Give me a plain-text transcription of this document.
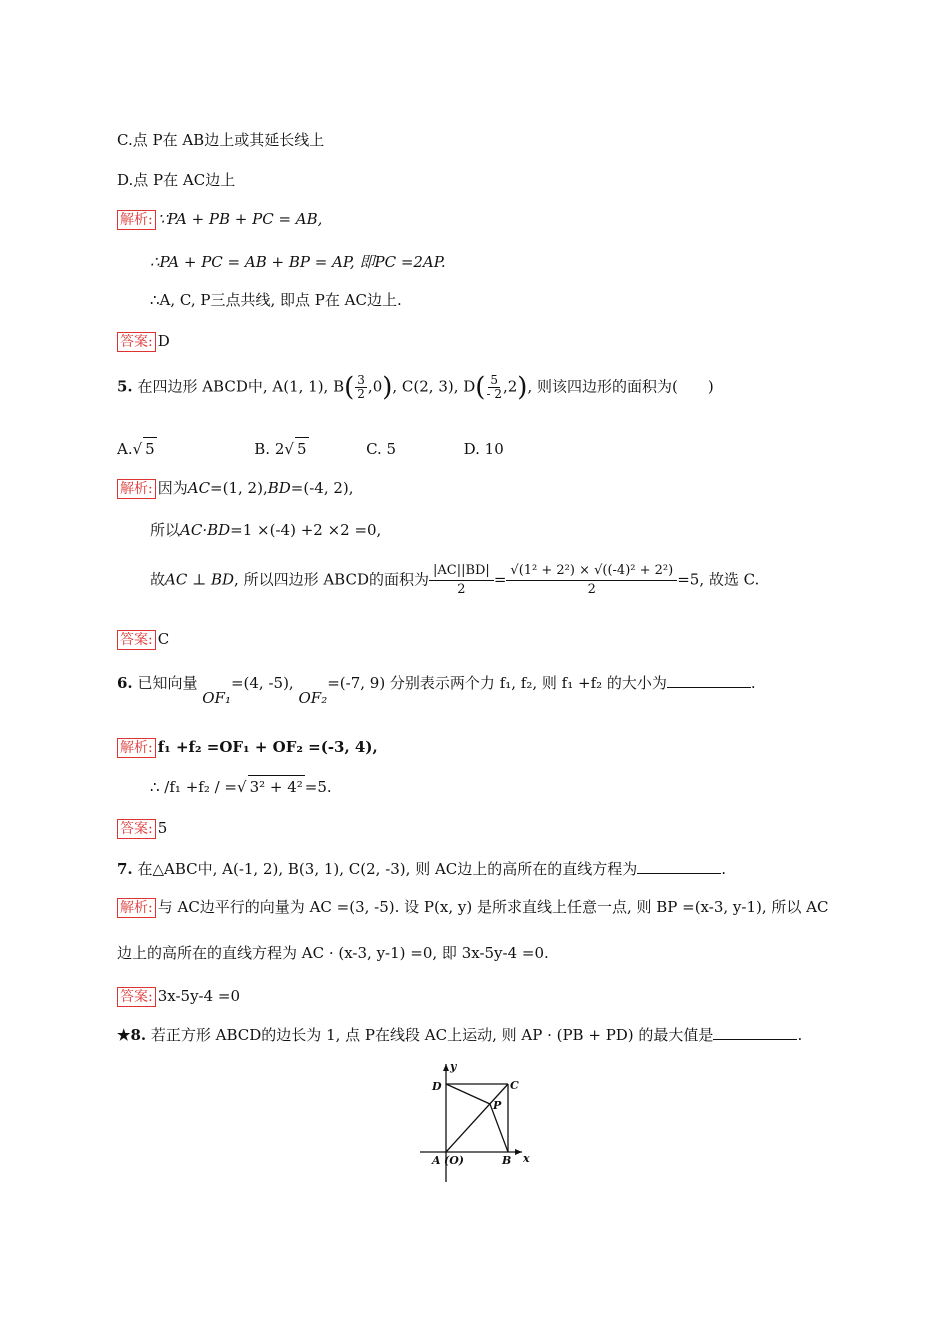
C.点 P在 AB边上或其延长线上
D.点 P在 AC边上
解析: ∵PA + PB + PC = AB,
∴PA + PC = AB + BP = AP, 即PC =2AP.
∴A, C, P三点共线, 即点 P在 AC边上.
答案: D
5. 在四边形 ABCD中, A(1, 1), $B( \frac{3}{2} ,0)$, C(2, 3), $D( \frac{5}{- 2} ,2)$, 则该四边形的面积为(　　)
A.√ 5	B. 2√ 5	C. 5	D. 10
解析: 因为AC=(1, 2),BD=(-4, 2),
所以AC·BD=1 ×(-4) +2 ×2 =0,
故AC ⊥ BD, 所以四边形 ABCD的面积为 $\frac{|AC||BD|}{2} = \frac{\text{√(1² + 2²) × √((-4)² + 2²)}}{2} =5$, 故选 C.
答案: C
6. 已知向量 OF₁=(4, -5), OF₂=(-7, 9) 分别表示两个力 f₁, f₂, 则 f₁ +f₂ 的大小为	.
解析: f₁ +f₂ =OF₁ + OF₂ =(-3, 4),
∴ /f₁ +f₂ / =√ 3² + 4² =5.
答案: 5
7. 在△ABC中, A(-1, 2), B(3, 1), C(2, -3), 则 AC边上的高所在的直线方程为	.
解析: 与 AC边平行的向量为 AC =(3, -5). 设 P(x, y) 是所求直线上任意一点, 则 BP =(x-3, y-1), 所以 AC
边上的高所在的直线方程为 AC · (x-3, y-1) =0, 即 3x-5y-4 =0.
答案: 3x-5y-4 =0
★8. 若正方形 ABCD的边长为 1, 点 P在线段 AC上运动, 则 AP · (PB + PD) 的最大值是	.
y
x
D	C
P
A (O)	B
